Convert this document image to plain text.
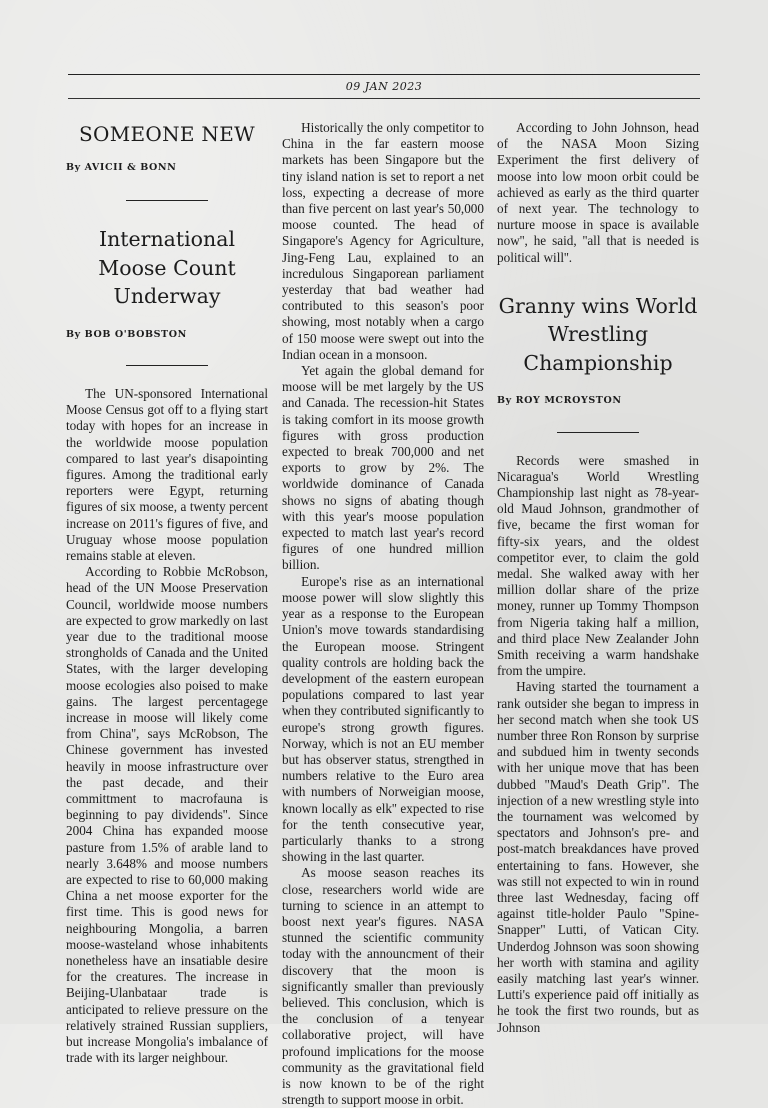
09 JAN 2023
SOMEONE NEW

By AVICII & BONN

International Moose Count Underway

By BOB O'BOBSTON

The UN-sponsored International Moose Census got off to a flying start today with hopes for an increase in the worldwide moose population compared to last year's disapointing figures. Among the traditional early reporters were Egypt, returning figures of six moose, a twenty percent increase on 2011's figures of five, and Uruguay whose moose population remains stable at eleven.

According to Robbie McRobson, head of the UN Moose Preservation Council, worldwide moose numbers are expected to grow markedly on last year due to the traditional moose strongholds of Canada and the United States, with the larger developing moose ecologies also poised to make gains. The largest percentagege increase in moose will likely come from China'', says McRobson, The Chinese government has invested heavily in moose infrastructure over the past decade, and their committment to macrofauna is beginning to pay dividends''. Since 2004 China has expanded moose pasture from 1.5% of arable land to nearly 3.648% and moose numbers are expected to rise to 60,000 making China a net moose exporter for the first time. This is good news for neighbouring Mongolia, a barren moose-wasteland whose inhabitents nonetheless have an insatiable desire for the creatures. The increase in Beijing-Ulanbataar trade is anticipated to relieve pressure on the relatively strained Russian suppliers, but increase Mongolia's imbalance of trade with its larger neighbour.

Historically the only competitor to China in the far eastern moose markets has been Singapore but the tiny island nation is set to report a net loss, expecting a decrease of more than five percent on last year's 50,000 moose counted. The head of Singapore's Agency for Agriculture, Jing-Feng Lau, explained to an incredulous Singaporean parliament yesterday that bad weather had contributed to this season's poor showing, most notably when a cargo of 150 moose were swept out into the Indian ocean in a monsoon.

Yet again the global demand for moose will be met largely by the US and Canada. The recession-hit States is taking comfort in its moose growth figures with gross production expected to break 700,000 and net exports to grow by 2%. The worldwide dominance of Canada shows no signs of abating though with this year's moose population expected to match last year's record figures of one hundred million billion.

Europe's rise as an international moose power will slow slightly this year as a response to the European Union's move towards standardising the European moose. Stringent quality controls are holding back the development of the eastern european populations compared to last year when they contributed significantly to europe's strong growth figures. Norway, which is not an EU member but has observer status, strengthed in numbers relative to the Euro area with numbers of Norweigian moose, known locally as elk'' expected to rise for the tenth consecutive year, particularly thanks to a strong showing in the last quarter.

As moose season reaches its close, researchers world wide are turning to science in an attempt to boost next year's figures. NASA stunned the scientific community today with the announcment of their discovery that the moon is significantly smaller than previously believed. This conclusion, which is the conclusion of a tenyear collaborative project, will have profound implications for the moose community as the gravitational field is now known to be of the right strength to support moose in orbit.

According to John Johnson, head of the NASA Moon Sizing Experiment the first delivery of moose into low moon orbit could be achieved as early as the third quarter of next year. The technology to nurture moose in space is available now'', he said, ''all that is needed is political will''.

Granny wins World Wrestling Championship

By ROY MCROYSTON

Records were smashed in Nicaragua's World Wrestling Championship last night as 78-year-old Maud Johnson, grandmother of five, became the first woman for fifty-six years, and the oldest competitor ever, to claim the gold medal. She walked away with her million dollar share of the prize money, runner up Tommy Thompson from Nigeria taking half a million, and third place New Zealander John Smith receiving a warm handshake from the umpire.

Having started the tournament a rank outsider she began to impress in her second match when she took US number three Ron Ronson by surprise and subdued him in twenty seconds with her unique move that has been dubbed "Maud's Death Grip". The injection of a new wrestling style into the tournament was welcomed by spectators and Johnson's pre- and post-match breakdances have proved entertaining to fans. However, she was still not expected to win in round three last Wednesday, facing off against title-holder Paulo "Spine-Snapper" Lutti, of Vatican City. Underdog Johnson was soon showing her worth with stamina and agility easily matching last year's winner. Lutti's experience paid off initially as he took the first two rounds, but as Johnson
